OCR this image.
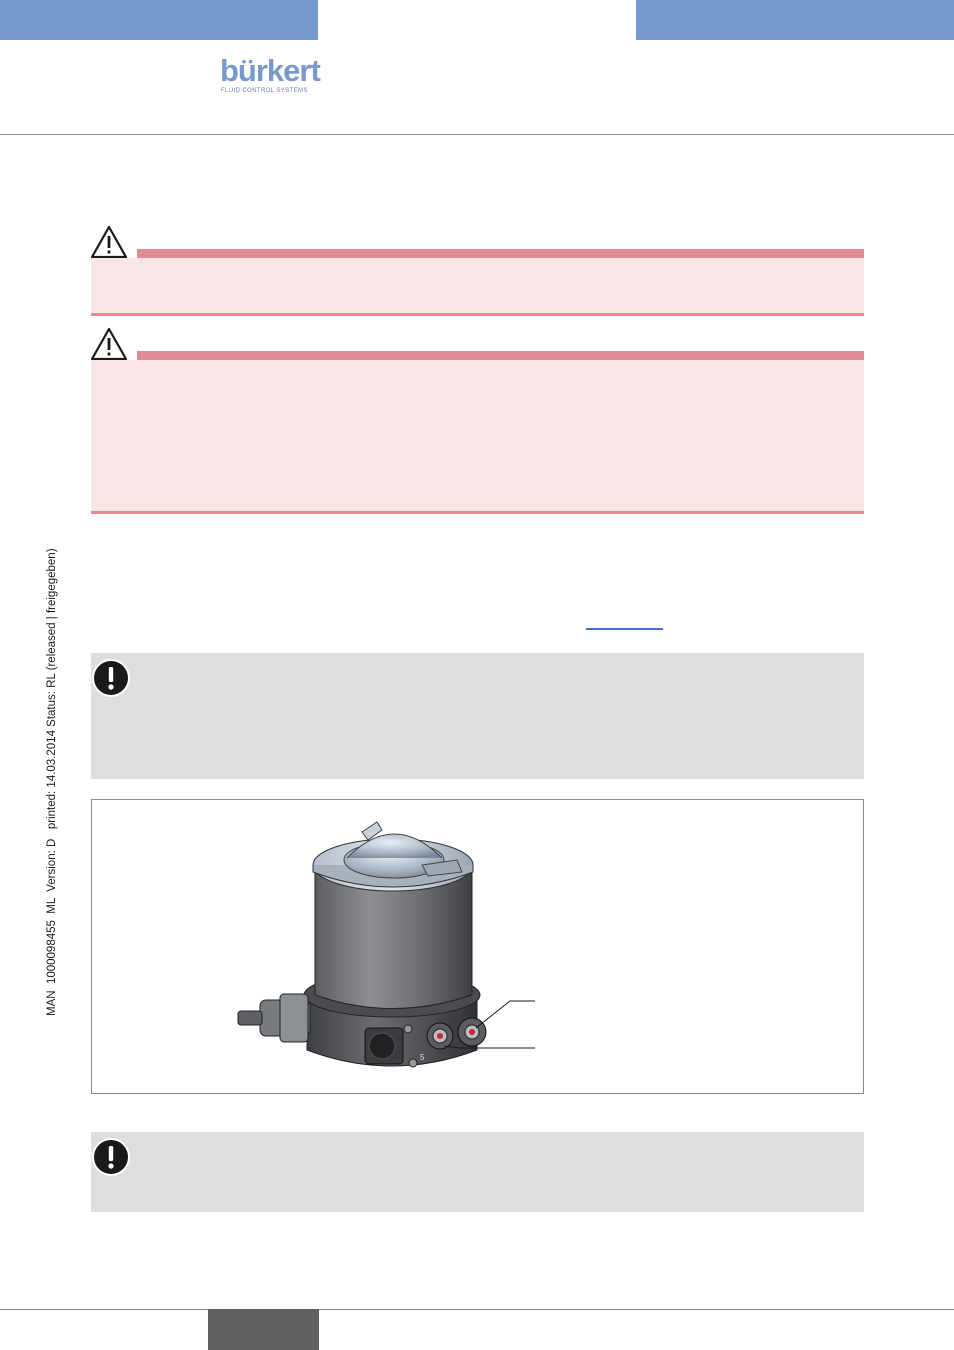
bürkert
FLUID CONTROL SYSTEMS
5
MAN  1000098455  ML  Version: D   printed: 14.03.2014 Status: RL (released | freigegeben)
